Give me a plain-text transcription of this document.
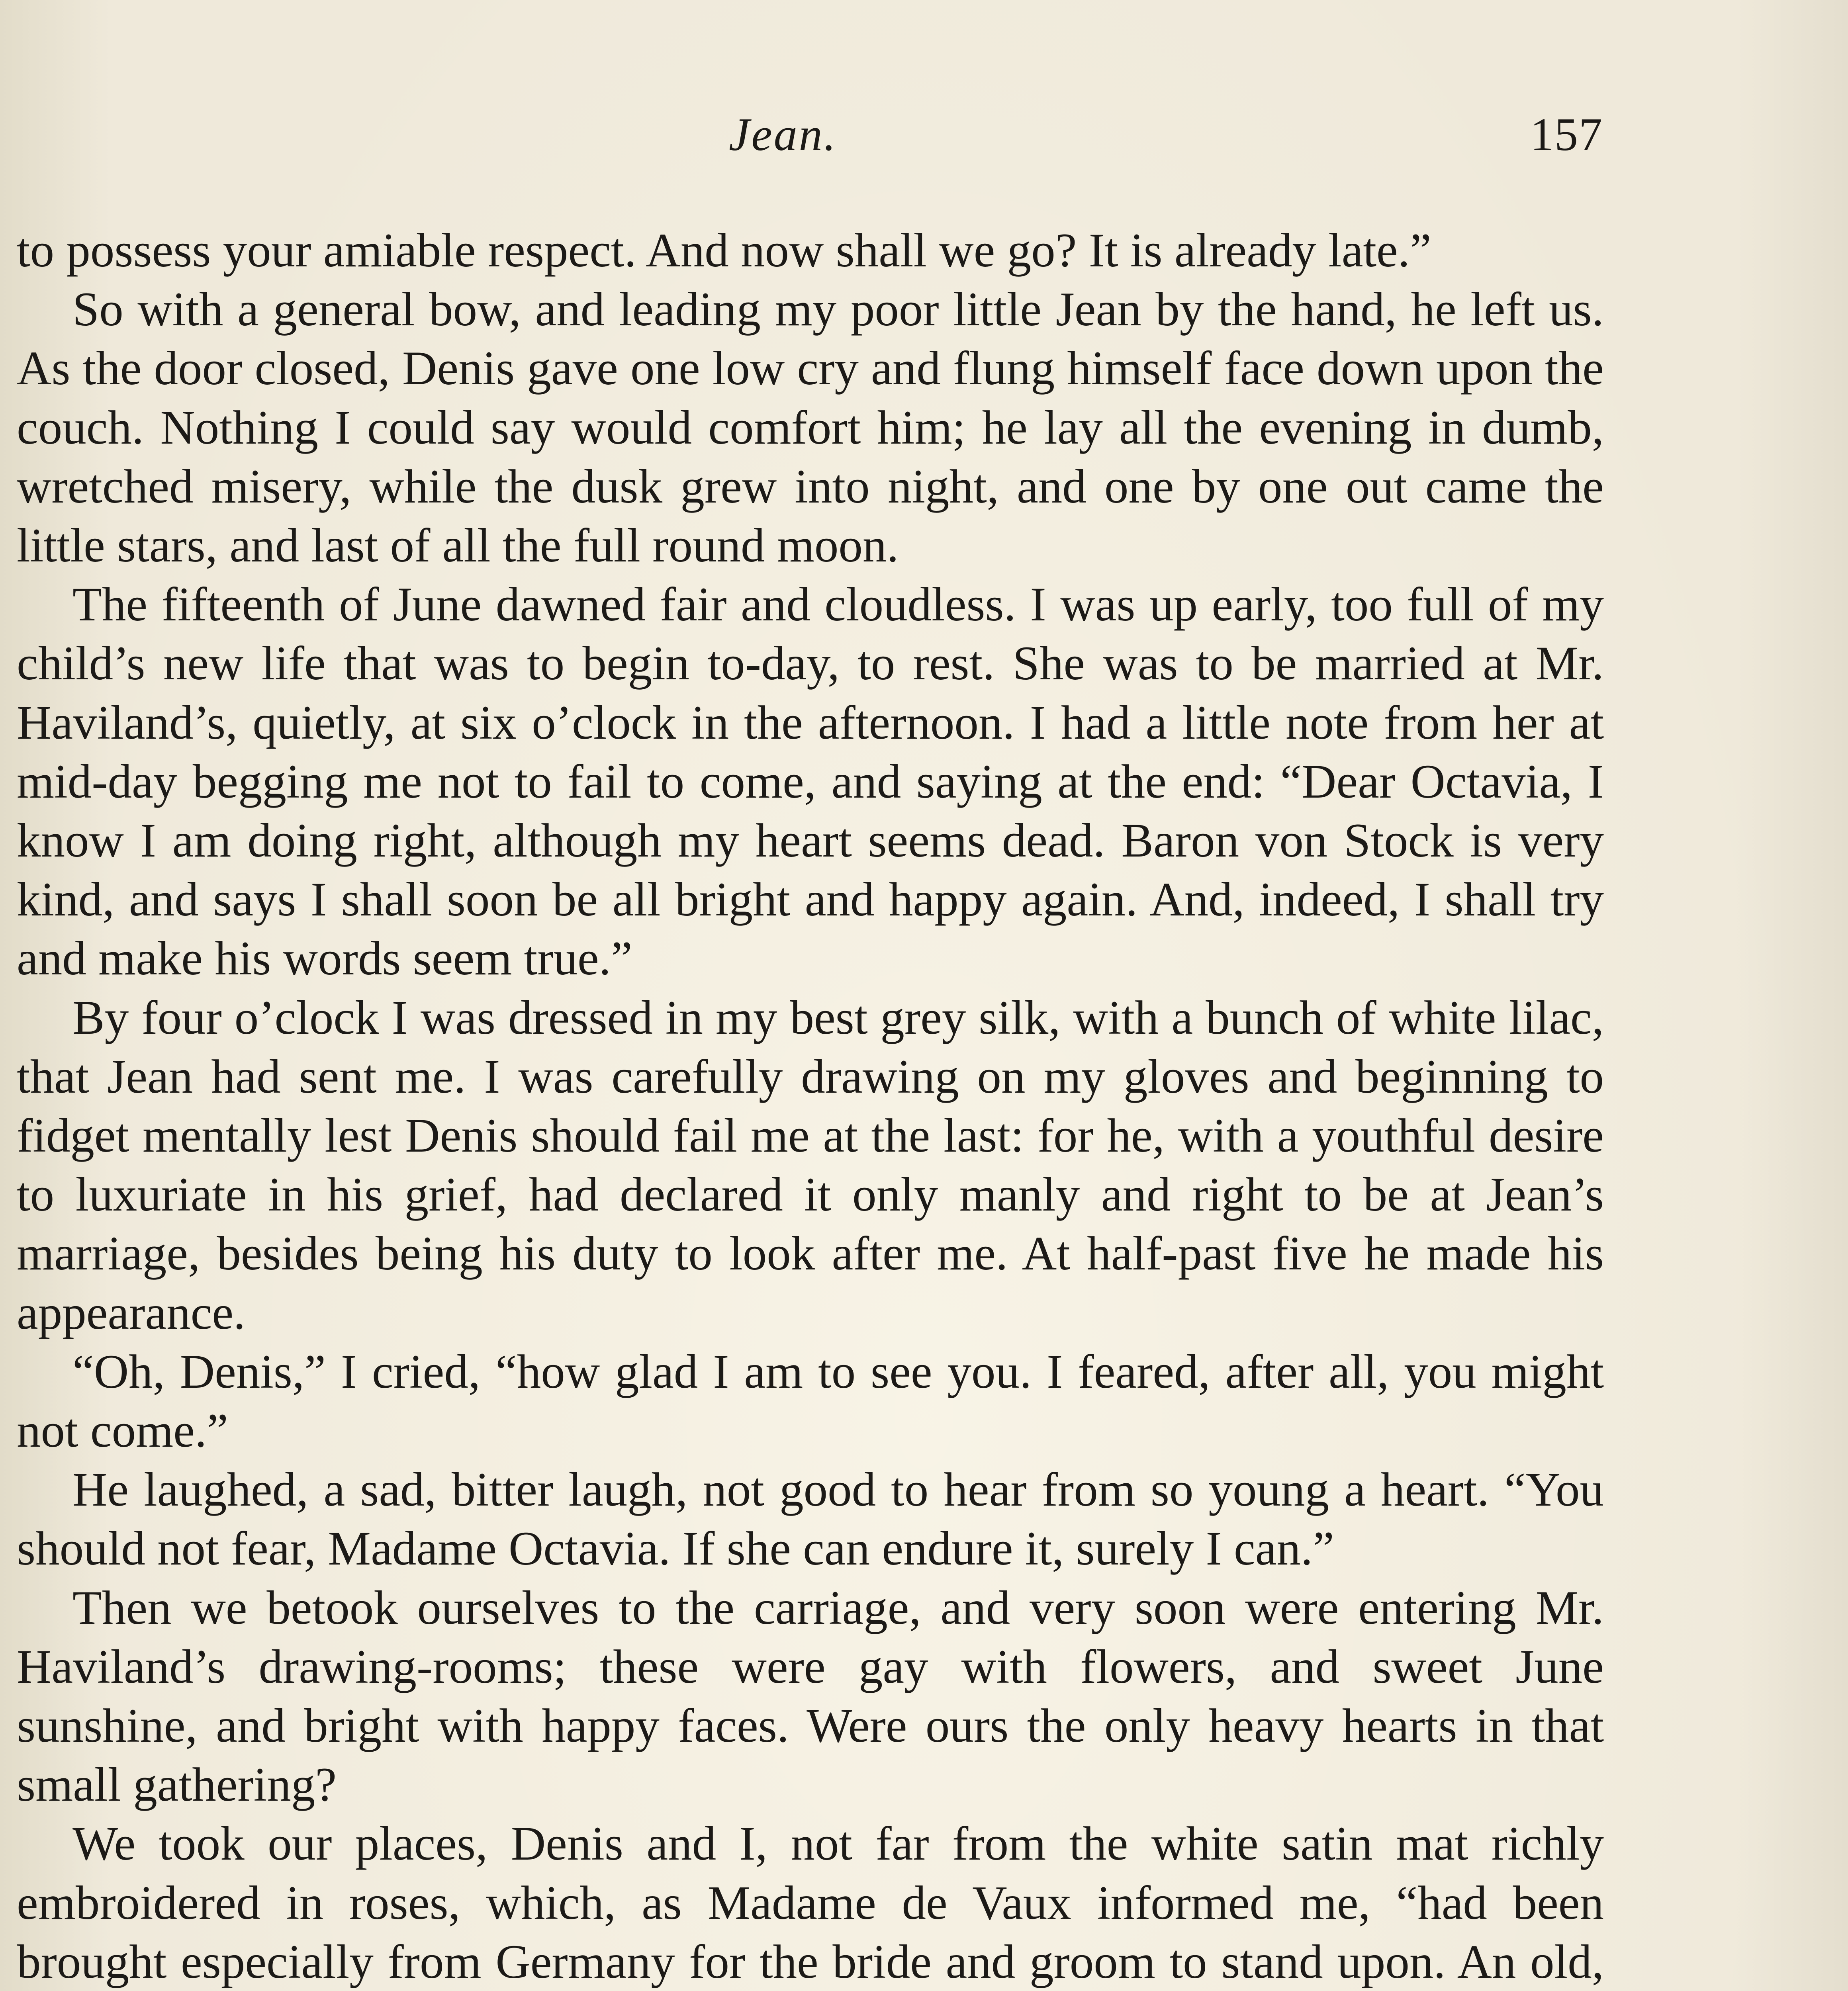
Jean.	157

to possess your amiable respect. And now shall we go? It is already late.”

So with a general bow, and leading my poor little Jean by the hand, he left us. As the door closed, Denis gave one low cry and flung himself face down upon the couch. Nothing I could say would comfort him; he lay all the evening in dumb, wretched misery, while the dusk grew into night, and one by one out came the little stars, and last of all the full round moon.

The fifteenth of June dawned fair and cloudless. I was up early, too full of my child’s new life that was to begin to-day, to rest. She was to be married at Mr. Haviland’s, quietly, at six o’clock in the afternoon. I had a little note from her at mid-day begging me not to fail to come, and saying at the end: “Dear Octavia, I know I am doing right, although my heart seems dead. Baron von Stock is very kind, and says I shall soon be all bright and happy again. And, indeed, I shall try and make his words seem true.”

By four o’clock I was dressed in my best grey silk, with a bunch of white lilac, that Jean had sent me. I was carefully drawing on my gloves and beginning to fidget mentally lest Denis should fail me at the last: for he, with a youthful desire to luxuriate in his grief, had declared it only manly and right to be at Jean’s marriage, besides being his duty to look after me. At half-past five he made his appearance.

“Oh, Denis,” I cried, “how glad I am to see you. I feared, after all, you might not come.”

He laughed, a sad, bitter laugh, not good to hear from so young a heart. “You should not fear, Madame Octavia. If she can endure it, surely I can.”

Then we betook ourselves to the carriage, and very soon were entering Mr. Haviland’s drawing-rooms; these were gay with flowers, and sweet June sunshine, and bright with happy faces. Were ours the only heavy hearts in that small gathering?

We took our places, Denis and I, not far from the white satin mat richly embroidered in roses, which, as Madame de Vaux informed me, “had been brought especially from Germany for the bride and groom to stand upon. An old,
